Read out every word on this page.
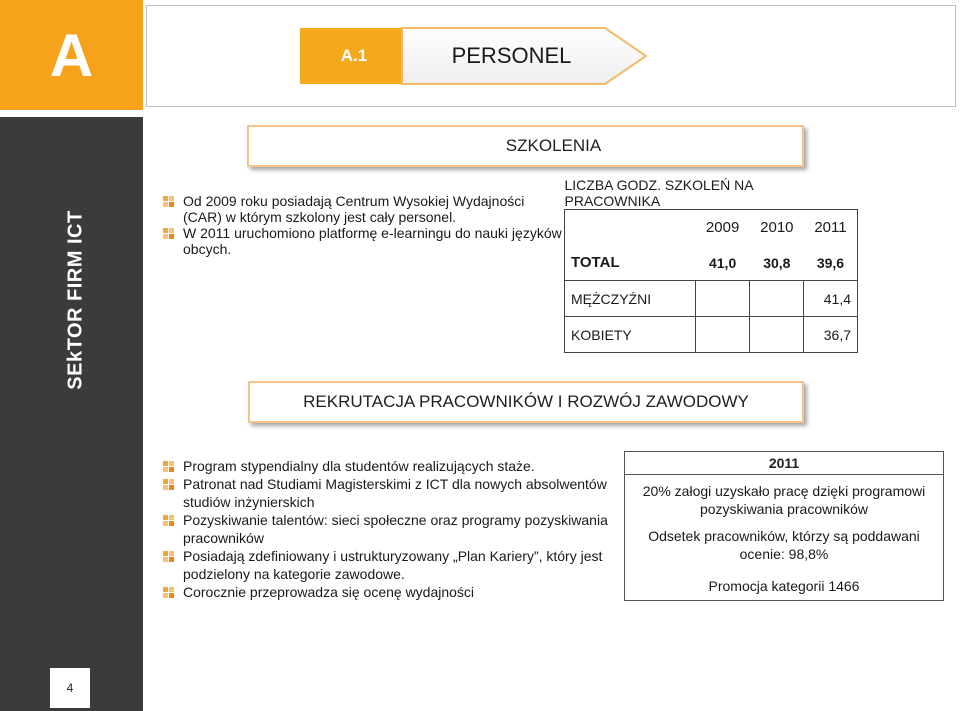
A	A.1	PERSONEL
SEkTOR FIRM ICT
4
SZKOLENIA
Od 2009 roku posiadają Centrum Wysokiej Wydajności (CAR) w którym szkolony jest cały personel.
W 2011 uruchomiono platformę e-learningu do nauki języków obcych.
LICZBA GODZ. SZKOLEŃ NA PRACOWNIKA			
	2009	2010	2011
TOTAL	41,0	30,8	39,6
MĘŻCZYŹNI			41,4
KOBIETY			36,7
REKRUTACJA PRACOWNIKÓW I ROZWÓJ ZAWODOWY
Program stypendialny dla studentów realizujących staże.
Patronat nad Studiami Magisterskimi z ICT dla nowych absolwentów studiów inżynierskich
Pozyskiwanie talentów: sieci społeczne oraz programy pozyskiwania pracowników
Posiadają zdefiniowany i ustrukturyzowany „Plan Kariery”, który jest podzielony na kategorie zawodowe.
Corocznie przeprowadza się ocenę wydajności
2011
20% załogi uzyskało pracę dzięki programowi pozyskiwania pracowników
Odsetek pracowników, którzy są poddawani ocenie: 98,8%
Promocja kategorii 1466
